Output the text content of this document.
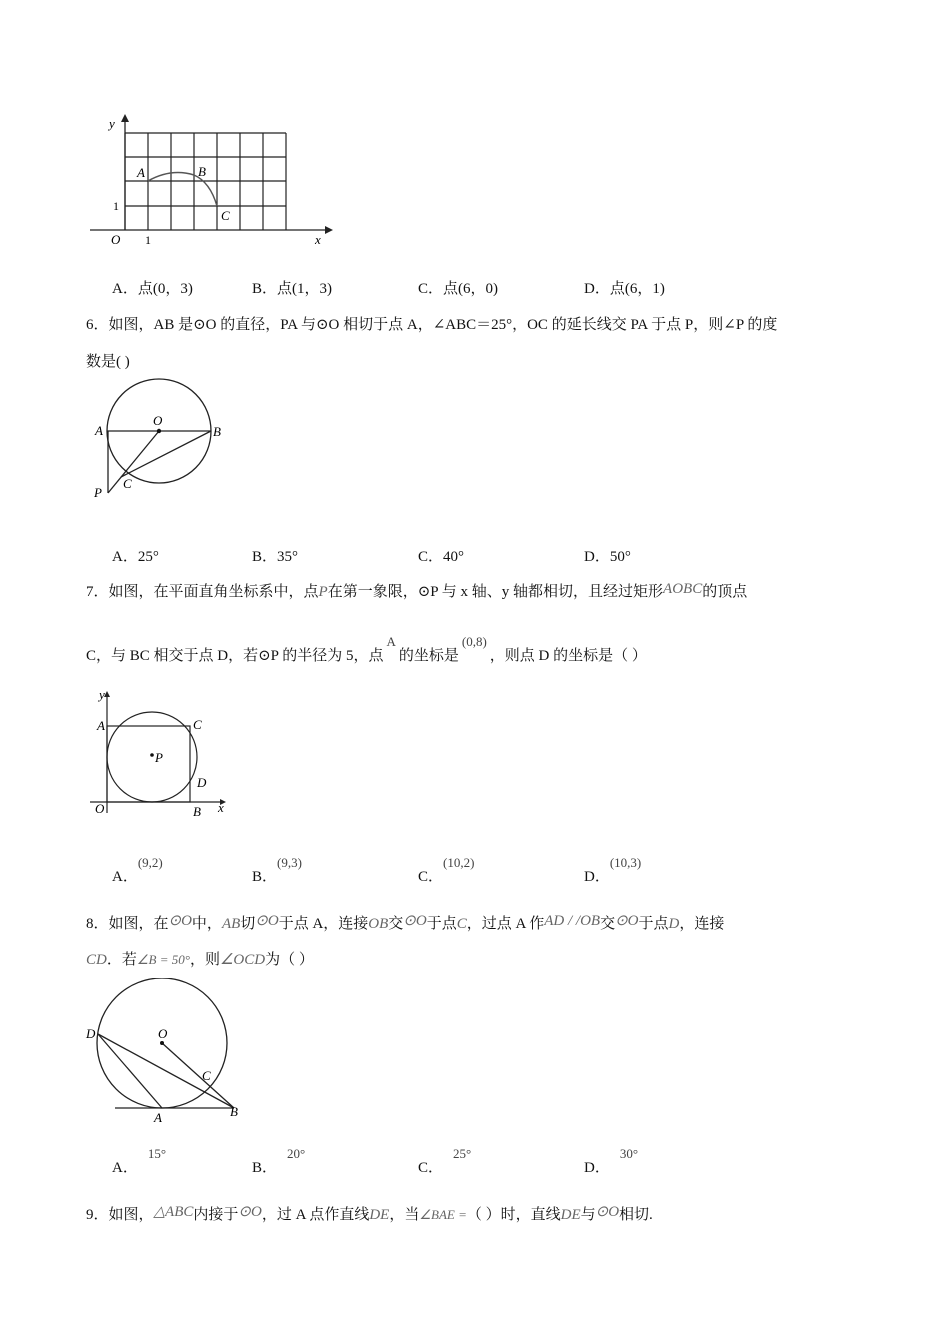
y
x
O
1
1
A	B
C
A．点(0，3)	B．点(1，3)	C．点(6，0)	D．点(6，1)
6．如图，AB 是⊙O 的直径，PA 与⊙O 相切于点 A，∠ABC＝25°，OC 的延长线交 PA 于点 P，则∠P 的度
数是( )
O
A	B
C
P
A．25°	B．35°	C．40°	D．50°
7．如图，在平面直角坐标系中，点P在第一象限，⊙P 与 x 轴、y 轴都相切，且经过矩形AOBC的顶点
C，与 BC 相交于点 D，若⊙P 的半径为 5，点A的坐标是(0,8)，则点 D 的坐标是（ ）
y
x
A	C
P
D
O	B
A．(9,2)
B．(9,3)
C．(10,2)
D．(10,3)
8．如图，在⊙O中，AB切⊙O于点 A，连接OB交⊙O于点C，过点 A 作AD / /OB交⊙O于点D，连接
CD．若∠B = 50°，则∠OCD为（ ）
D	O
C
A	B
A．15°
B．20°
C．25°
D．30°
9．如图，△ABC内接于⊙O，过 A 点作直线DE，当∠BAE =（ ）时，直线DE与⊙O相切.
